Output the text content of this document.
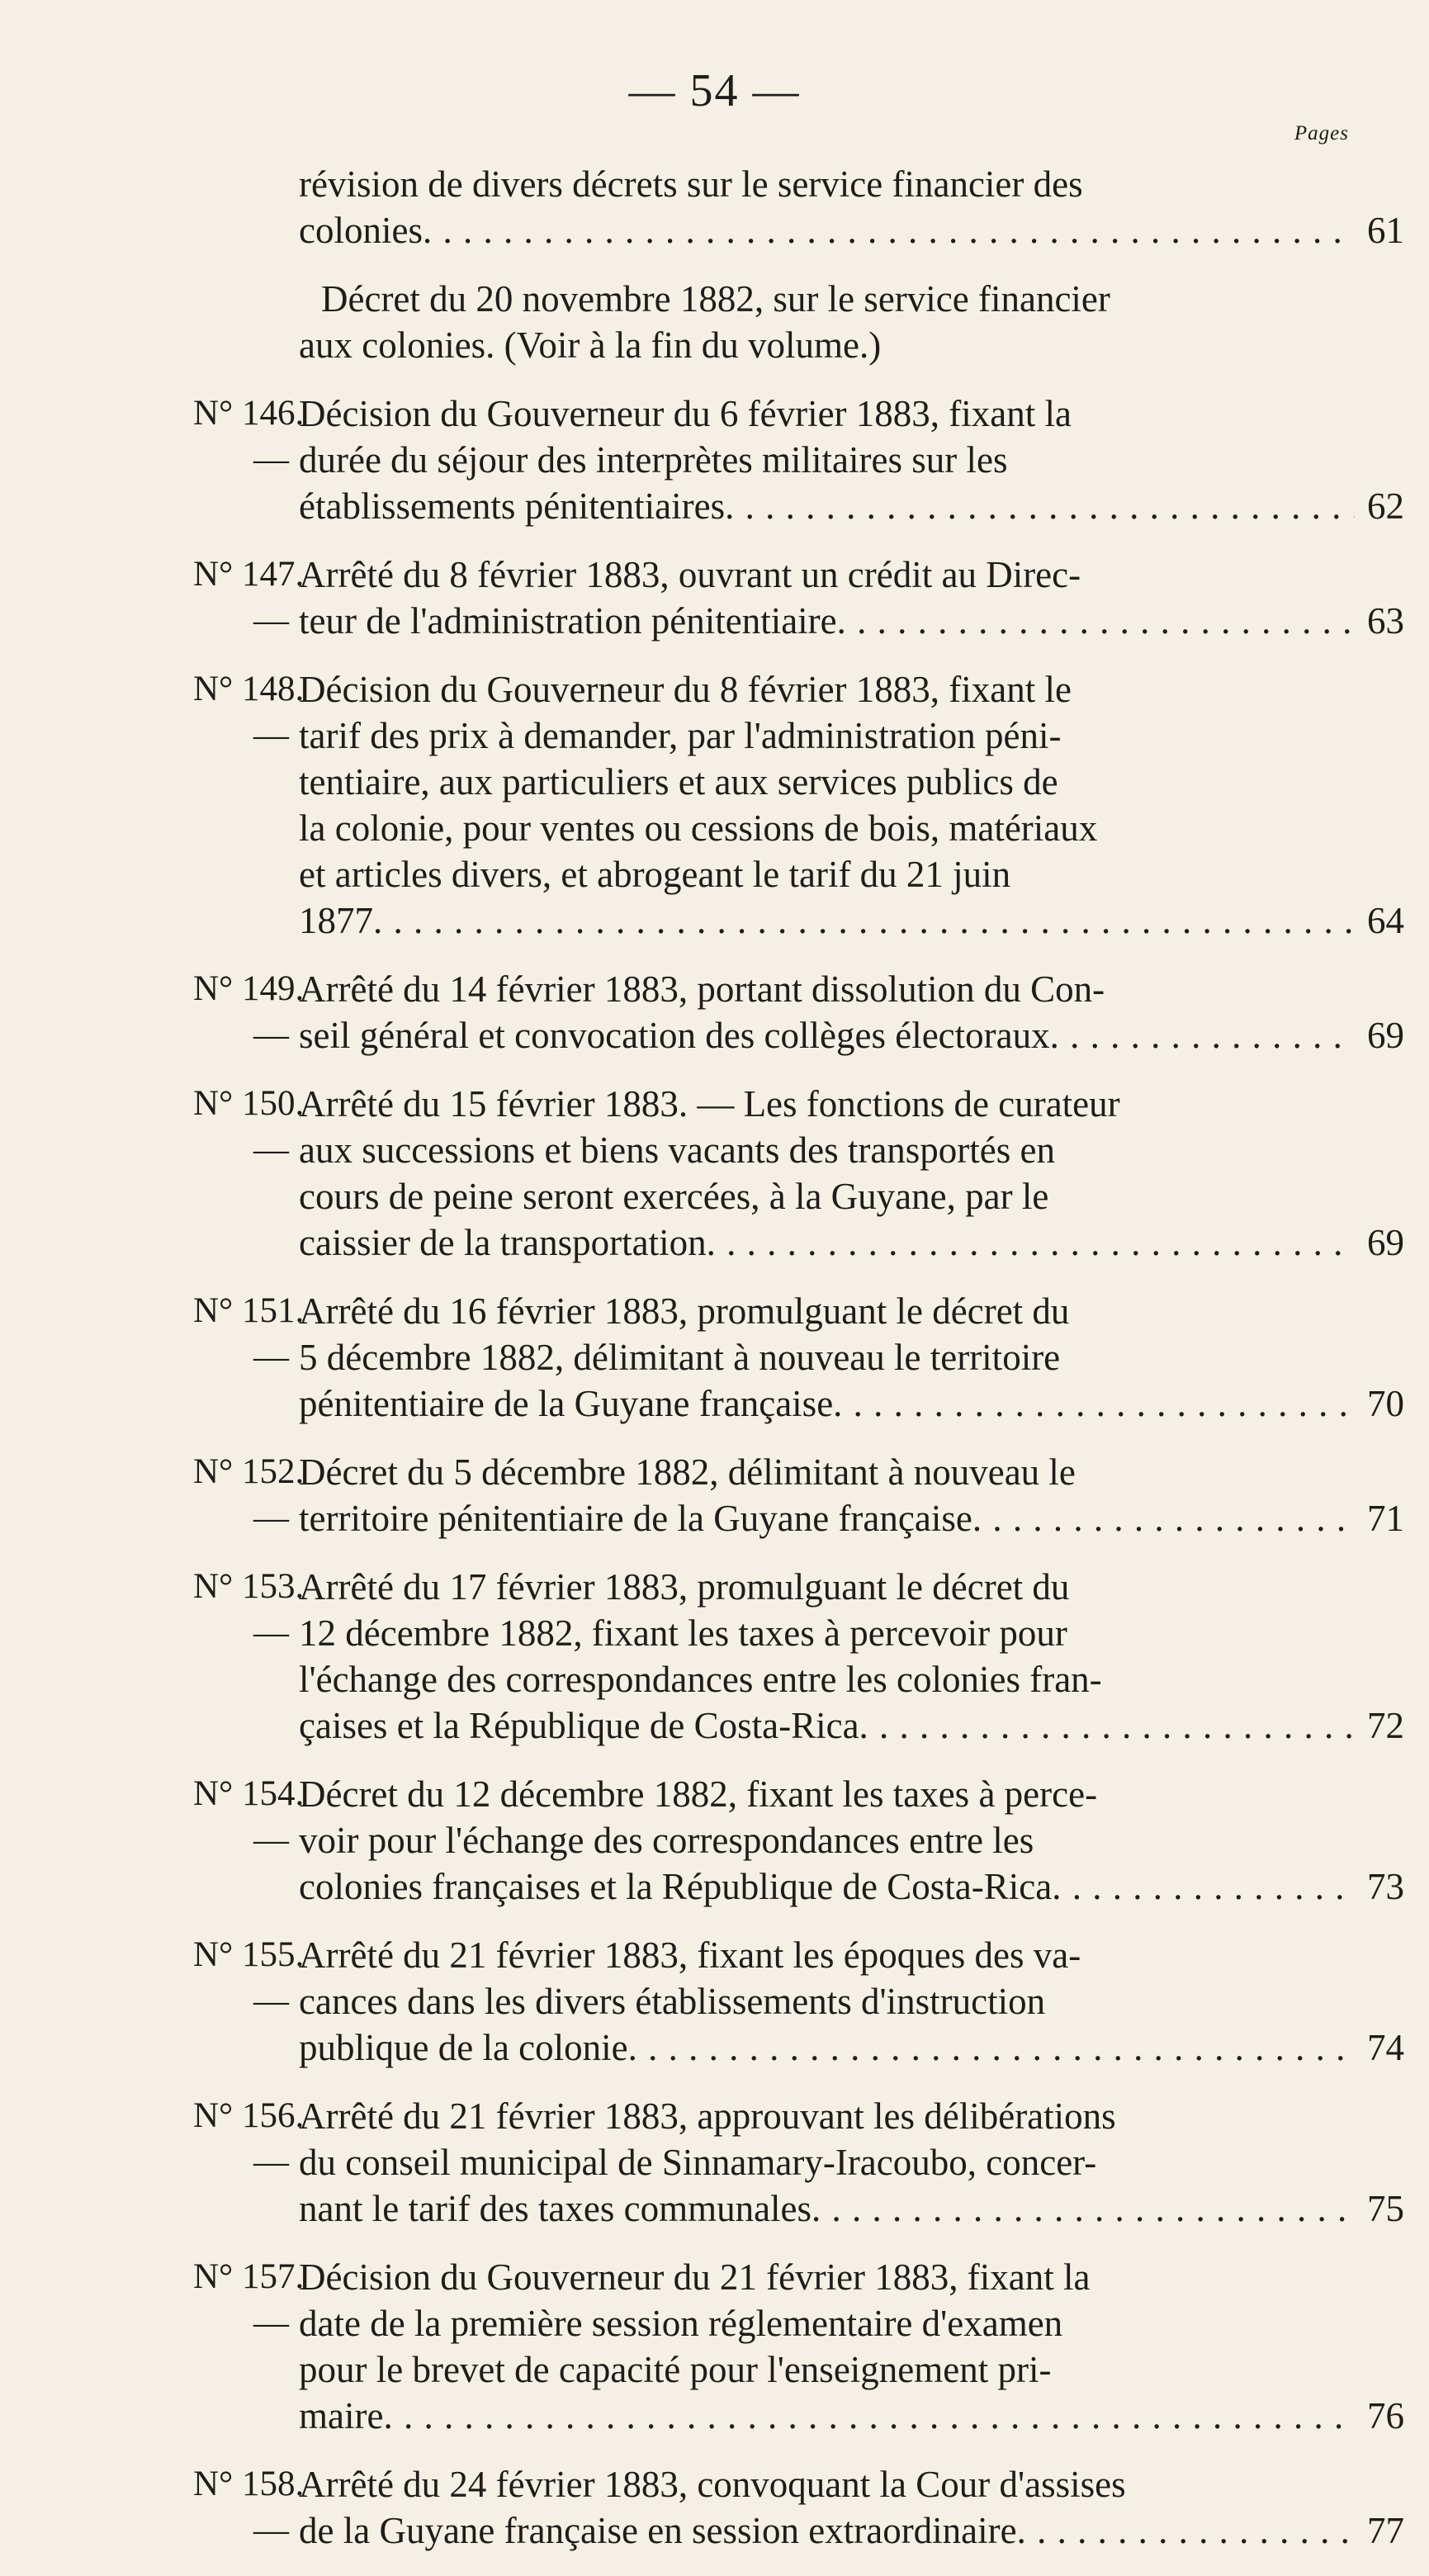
— 54 —
Pages
révision de divers décrets sur le service financier des
colonies . . .	61
Décret du 20 novembre 1882, sur le service financier
aux colonies. (Voir à la fin du volume.)
N° 146.
—
Décision du Gouverneur du 6 février 1883, fixant la
durée du séjour des interprètes militaires sur les
établissements pénitentiaires . . .	62
N° 147.
—
Arrêté du 8 février 1883, ouvrant un crédit au Direc-
teur de l'administration pénitentiaire . . .	63
N° 148.
—
Décision du Gouverneur du 8 février 1883, fixant le
tarif des prix à demander, par l'administration péni-
tentiaire, aux particuliers et aux services publics de
la colonie, pour ventes ou cessions de bois, matériaux
et articles divers, et abrogeant le tarif du 21 juin
1877 . . .	64
N° 149.
—
Arrêté du 14 février 1883, portant dissolution du Con-
seil général et convocation des collèges électoraux . . .	69
N° 150.
—
Arrêté du 15 février 1883. — Les fonctions de curateur
aux successions et biens vacants des transportés en
cours de peine seront exercées, à la Guyane, par le
caissier de la transportation . . .	69
N° 151.
—
Arrêté du 16 février 1883, promulguant le décret du
5 décembre 1882, délimitant à nouveau le territoire
pénitentiaire de la Guyane française . . .	70
N° 152.
—
Décret du 5 décembre 1882, délimitant à nouveau le
territoire pénitentiaire de la Guyane française . . .	71
N° 153.
—
Arrêté du 17 février 1883, promulguant le décret du
12 décembre 1882, fixant les taxes à percevoir pour
l'échange des correspondances entre les colonies fran-
çaises et la République de Costa-Rica . . .	72
N° 154.
—
Décret du 12 décembre 1882, fixant les taxes à perce-
voir pour l'échange des correspondances entre les
colonies françaises et la République de Costa-Rica . . .	73
N° 155.
—
Arrêté du 21 février 1883, fixant les époques des va-
cances dans les divers établissements d'instruction
publique de la colonie . . .	74
N° 156.
—
Arrêté du 21 février 1883, approuvant les délibérations
du conseil municipal de Sinnamary-Iracoubo, concer-
nant le tarif des taxes communales . . .	75
N° 157.
—
Décision du Gouverneur du 21 février 1883, fixant la
date de la première session réglementaire d'examen
pour le brevet de capacité pour l'enseignement pri-
maire . . .	76
N° 158.
—
Arrêté du 24 février 1883, convoquant la Cour d'assises
de la Guyane française en session extraordinaire . . .	77
